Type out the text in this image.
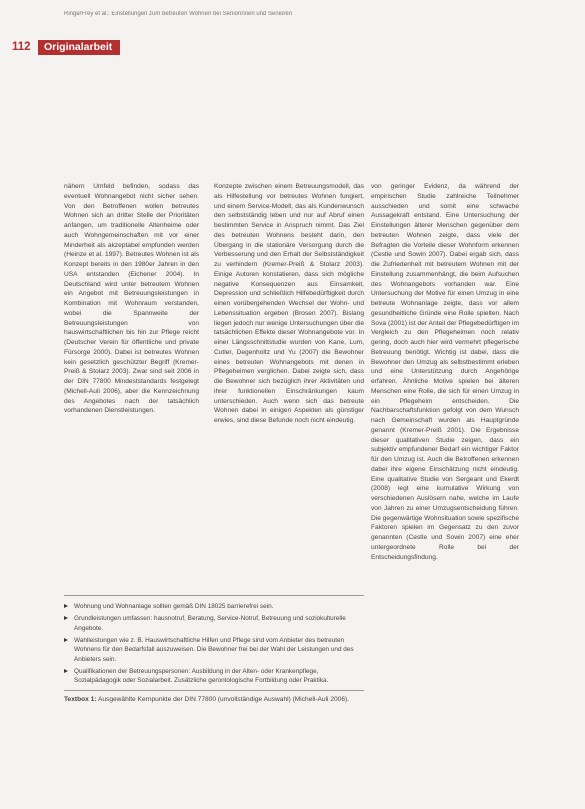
Ringe/Frey et al.: Einstellungen zum betreuten Wohnen bei Seniorinnen und Senioren
112	Originalarbeit

nähern Umfeld befinden, sodass das eventuell Wohnangebot nicht sicher sehen. Von den Betroffenen wollen betreutes Wohnen sich an dritter Stelle der Prioritäten anfangen, um traditionelle Altenheime oder auch Wohngemeinschaften mit vor einer Minderheit als akzeptabel empfunden werden (Heinze et al. 1997). Betreutes Wohnen ist als Konzept bereits in den 1980er Jahren in den USA entstanden (Eichener 2004). In Deutschland wird unter betreutem Wohnen ein Angebot mit Betreuungsleistungen in Kombination mit Wohnraum verstanden, wobei die Spannweite der Betreuungsleistungen von hauswirtschaftlichen bis hin zur Pflege reicht (Deutscher Verein für öffentliche und private Fürsorge 2000). Dabei ist betreutes Wohnen kein gesetzlich geschützter Begriff (Kremer-Preiß & Stolarz 2003). Zwar sind seit 2006 in der DIN 77800 Mindeststandards festgelegt (Michell-Auli 2006), aber die Kennzeichnung des Angebotes nach der tatsächlich vorhandenen Dienstleistungen.

Konzepte zwischen einem Betreuungsmodell, das als Hilfestellung vor betreutes Wohnen fungiert, und einem Service-Modell, das als Kundenwunsch den selbstständig leben und nur auf Abruf einen bestimmten Service in Anspruch nimmt. Das Ziel des betreuten Wohnens besteht darin, den Übergang in die stationäre Versorgung durch die Verbesserung und den Erhalt der Selbstständigkeit zu verhindern (Kremer-Preiß & Stolarz 2003). Einige Autoren konstatieren, dass sich mögliche negative Konsequenzen aus Einsamkeit, Depression und schließlich Hilfebedürftigkeit durch einen vorübergehenden Wechsel der Wohn- und Lebenssituation ergeben (Brosen 2007). Bislang liegen jedoch nur wenige Untersuchungen über die tatsächlichen Effekte dieser Wohnangebote vor. In einer Längsschnittstudie wurden von Kane, Lum, Cutler, Degenholtz und Yu (2007) die Bewohner eines betreuten Wohnangebots mit denen in Pflegeheimen verglichen. Dabei zeigte sich, dass die Bewohner sich bezüglich ihrer Aktivitäten und ihrer funktionellen Einschränkungen kaum unterschieden. Auch wenn sich das betreute Wohnen dabei in einigen Aspekten als günstiger erwies, sind diese Befunde noch nicht eindeutig.

von geringer Evidenz, da während der empirischen Studie zahlreiche Teilnehmer ausschieden und somit eine schwache Aussagekraft entstand. Eine Untersuchung der Einstellungen älterer Menschen gegenüber dem betreuten Wohnen zeigte, dass viele der Befragten die Vorteile dieser Wohnform erkennen (Cestle und Sowin 2007). Dabei ergab sich, dass die Zufriedenheit mit betreutem Wohnen mit der Einstellung zusammenhängt, die beim Aufsuchen des Wohnangebots vorhanden war. Eine Untersuchung der Motive für einen Umzug in eine betreute Wohnanlage zeigte, dass vor allem gesundheitliche Gründe eine Rolle spielten. Nach Sova (2001) ist der Anteil der Pflegebedürftigen im Vergleich zu den Pflegeheimen noch relativ gering, doch auch hier wird vermehrt pflegerische Betreuung benötigt. Wichtig ist dabei, dass die Bewohner den Umzug als selbstbestimmt erleben und eine Unterstützung durch Angehörige erfahren. Ähnliche Motive spielen bei älteren Menschen eine Rolle, die sich für einen Umzug in ein Pflegeheim entscheiden. Die Nachbarschaftsfunktion gefolgt von dem Wunsch nach Gemeinschaft wurden als Hauptgründe genannt (Kremer-Preiß 2001). Die Ergebnisse dieser qualitativen Studie zeigen, dass ein subjektiv empfundener Bedarf ein wichtiger Faktor für den Umzug ist. Auch die Betroffenen erkennen dabei ihre eigene Einschätzung nicht eindeutig. Eine qualitative Studie von Sergeant und Ekerdt (2008) legt eine kumulative Wirkung von verschiedenen Auslösern nahe, welche im Laufe von Jahren zu einer Umzugsentscheidung führen. Die gegenwärtige Wohnsituation sowie spezifische Faktoren spielen im Gegensatz zu den zuvor genannten (Cestle und Sowin 2007) eine eher untergeordnete Rolle bei der Entscheidungsfindung.

Wohnung und Wohnanlage sollten gemäß DIN 18025 barrierefrei sein.
Grundleistungen umfassen: hausnotruf, Beratung, Service-Notruf, Betreuung und soziokulturelle Angebote.
Wahlleistungen wie z. B. Hauswirtschaftliche Hilfen und Pflege sind vom Anbieter des betreuten Wohnens für den Bedarfsfall auszuweisen. Die Bewohner frei bei der Wahl der Leistungen und des Anbieters sein.
Qualifikationen der Betreuungspersonen: Ausbildung in der Alten- oder Krankenpflege, Sozialpädagogik oder Sozialarbeit. Zusätzliche gerontologische Fortbildung oder Praktika.
Textbox 1: Ausgewählte Kernpunkte der DIN 77800 (unvollständige Auswahl) (Michell-Auli 2006).
